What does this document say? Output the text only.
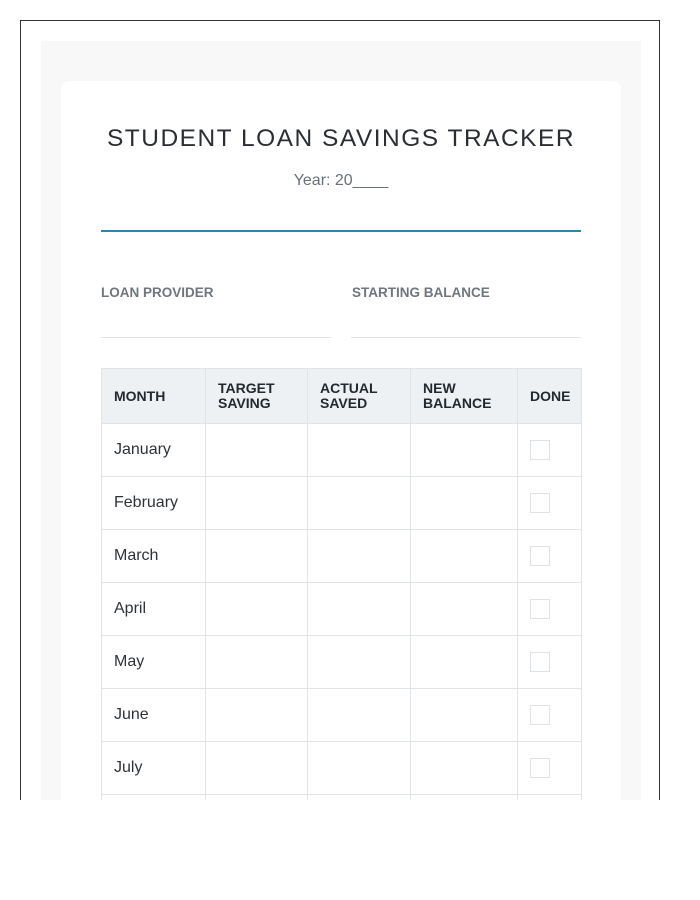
STUDENT LOAN SAVINGS TRACKER
Year: 20____
LOAN PROVIDER	STARTING BALANCE
MONTH	TARGET SAVING	ACTUAL SAVED	NEW BALANCE	DONE
January				
February				
March				
April				
May				
June				
July				
